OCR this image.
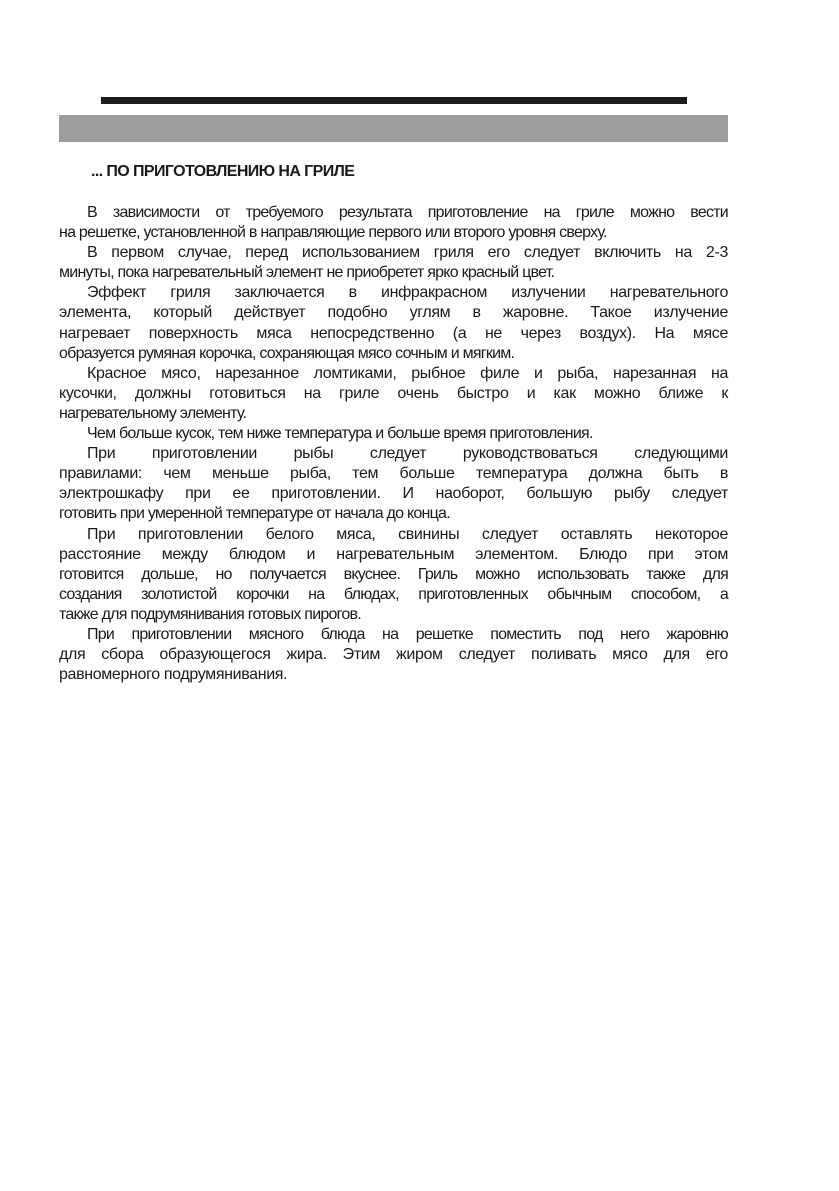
... ПО ПРИГОТОВЛЕНИЮ НА ГРИЛЕ
В зависимости от требуемого результата приготовление на гриле можно вести
на решетке, установленной в направляющие первого или второго уровня сверху.
В первом случае, перед использованием гриля его следует включить на 2-3
минуты, пока нагревательный элемент не приобретет ярко красный цвет.
Эффект гриля заключается в инфракрасном излучении нагревательного
элемента, который действует подобно углям в жаровне. Такое излучение
нагревает поверхность мяса непосредственно (а не через воздух). На мясе
образуется румяная корочка, сохраняющая мясо сочным и мягким.
Красное мясо, нарезанное ломтиками, рыбное филе и рыба, нарезанная на
кусочки, должны готовиться на гриле очень быстро и как можно ближе к
нагревательному элементу.
Чем больше кусок, тем ниже температура и больше время приготовления.
При приготовлении рыбы следует руководствоваться следующими
правилами: чем меньше рыба, тем больше температура должна быть в
электрошкафу при ее приготовлении. И наоборот, большую рыбу следует
готовить при умеренной температуре от начала до конца.
При приготовлении белого мяса, свинины следует оставлять некоторое
расстояние между блюдом и нагревательным элементом. Блюдо при этом
готовится дольше, но получается вкуснее. Гриль можно использовать также для
создания золотистой корочки на блюдах, приготовленных обычным способом, а
также для подрумянивания готовых пирогов.
При приготовлении мясного блюда на решетке поместить под него жаровню
для сбора образующегося жира. Этим жиром следует поливать мясо для его
равномерного подрумянивания.
